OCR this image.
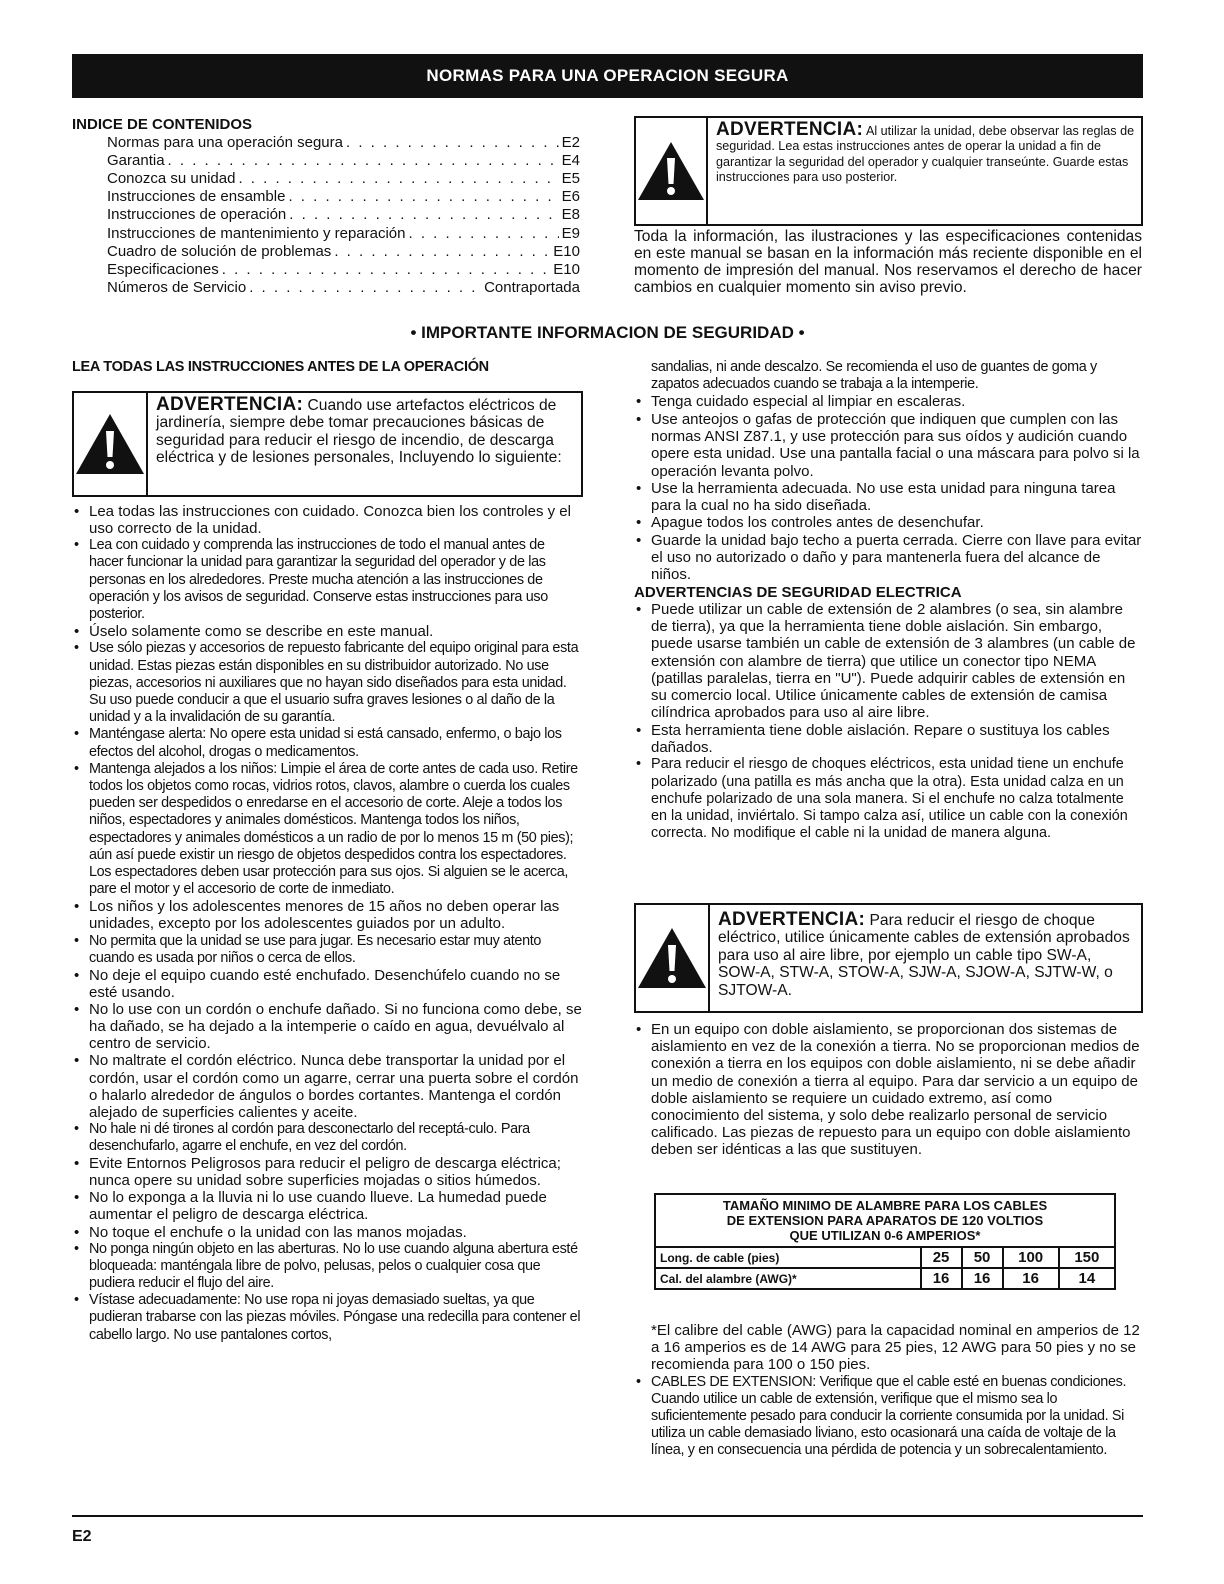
NORMAS PARA UNA OPERACION SEGURA
INDICE DE CONTENIDOS
Normas para una operación segura . . .	E2
Garantia . . .	E4
Conozca su unidad . . .	E5
Instrucciones de ensamble . . .	E6
Instrucciones de operación . . .	E8
Instrucciones de mantenimiento y reparación . . .	E9
Cuadro de solución de problemas . . .	E10
Especificaciones . . .	E10
Números de Servicio . . .	Contraportada
ADVERTENCIA: Al utilizar la unidad, debe observar las reglas de seguridad. Lea estas instrucciones antes de operar la unidad a fin de garantizar la seguridad del operador y cualquier transeúnte. Guarde estas instrucciones para uso posterior.
Toda la información, las ilustraciones y las especificaciones contenidas en este manual se basan en la información más reciente disponible en el momento de impresión del manual. Nos reservamos el derecho de hacer cambios en cualquier momento sin aviso previo.
• IMPORTANTE INFORMACION DE SEGURIDAD •
LEA TODAS LAS INSTRUCCIONES ANTES DE LA OPERACIÓN
ADVERTENCIA: Cuando use artefactos eléctricos de jardinería, siempre debe tomar precauciones básicas de seguridad para reducir el riesgo de incendio, de descarga eléctrica y de lesiones personales, Incluyendo lo siguiente:
• Lea todas las instrucciones con cuidado. Conozca bien los controles y el uso correcto de la unidad.
• Lea con cuidado y comprenda las instrucciones de todo el manual antes de hacer funcionar la unidad para garantizar la seguridad del operador y de las personas en los alrededores. Preste mucha atención a las instrucciones de operación y los avisos de seguridad. Conserve estas instrucciones para uso posterior.
• Úselo solamente como se describe en este manual.
• Use sólo piezas y accesorios de repuesto fabricante del equipo original para esta unidad. Estas piezas están disponibles en su distribuidor autorizado. No use piezas, accesorios ni auxiliares que no hayan sido diseñados para esta unidad. Su uso puede conducir a que el usuario sufra graves lesiones o al daño de la unidad y a la invalidación de su garantía.
• Manténgase alerta: No opere esta unidad si está cansado, enfermo, o bajo los efectos del alcohol, drogas o medicamentos.
• Mantenga alejados a los niños: Limpie el área de corte antes de cada uso. Retire todos los objetos como rocas, vidrios rotos, clavos, alambre o cuerda los cuales pueden ser despedidos o enredarse en el accesorio de corte. Aleje a todos los niños, espectadores y animales domésticos. Mantenga todos los niños, espectadores y animales domésticos a un radio de por lo menos 15 m (50 pies); aún así puede existir un riesgo de objetos despedidos contra los espectadores. Los espectadores deben usar protección para sus ojos. Si alguien se le acerca, pare el motor y el accesorio de corte de inmediato.
• Los niños y los adolescentes menores de 15 años no deben operar las unidades, excepto por los adolescentes guiados por un adulto.
• No permita que la unidad se use para jugar. Es necesario estar muy atento cuando es usada por niños o cerca de ellos.
• No deje el equipo cuando esté enchufado. Desenchúfelo cuando no se esté usando.
• No lo use con un cordón o enchufe dañado. Si no funciona como debe, se ha dañado, se ha dejado a la intemperie o caído en agua, devuélvalo al centro de servicio.
• No maltrate el cordón eléctrico. Nunca debe transportar la unidad por el cordón, usar el cordón como un agarre, cerrar una puerta sobre el cordón o halarlo alrededor de ángulos o bordes cortantes. Mantenga el cordón alejado de superficies calientes y aceite.
• No hale ni dé tirones al cordón para desconectarlo del receptá-culo. Para desenchufarlo, agarre el enchufe, en vez del cordón.
• Evite Entornos Peligrosos para reducir el peligro de descarga eléctrica; nunca opere su unidad sobre superficies mojadas o sitios húmedos.
• No lo exponga a la lluvia ni lo use cuando llueve. La humedad puede aumentar el peligro de descarga eléctrica.
• No toque el enchufe o la unidad con las manos mojadas.
• No ponga ningún objeto en las aberturas. No lo use cuando alguna abertura esté bloqueada: manténgala libre de polvo, pelusas, pelos o cualquier cosa que pudiera reducir el flujo del aire.
• Vístase adecuadamente: No use ropa ni joyas demasiado sueltas, ya que pudieran trabarse con las piezas móviles. Póngase una redecilla para contener el cabello largo. No use pantalones cortos,
sandalias, ni ande descalzo. Se recomienda el uso de guantes de goma y zapatos adecuados cuando se trabaja a la intemperie.
• Tenga cuidado especial al limpiar en escaleras.
• Use anteojos o gafas de protección que indiquen que cumplen con las normas ANSI Z87.1, y use protección para sus oídos y audición cuando opere esta unidad. Use una pantalla facial o una máscara para polvo si la operación levanta polvo.
• Use la herramienta adecuada. No use esta unidad para ninguna tarea para la cual no ha sido diseñada.
• Apague todos los controles antes de desenchufar.
• Guarde la unidad bajo techo a puerta cerrada. Cierre con llave para evitar el uso no autorizado o daño y para mantenerla fuera del alcance de niños.
ADVERTENCIAS DE SEGURIDAD ELECTRICA
• Puede utilizar un cable de extensión de 2 alambres (o sea, sin alambre de tierra), ya que la herramienta tiene doble aislación. Sin embargo, puede usarse también un cable de extensión de 3 alambres (un cable de extensión con alambre de tierra) que utilice un conector tipo NEMA (patillas paralelas, tierra en "U"). Puede adquirir cables de extensión en su comercio local. Utilice únicamente cables de extensión de camisa cilíndrica aprobados para uso al aire libre.
• Esta herramienta tiene doble aislación. Repare o sustituya los cables dañados.
• Para reducir el riesgo de choques eléctricos, esta unidad tiene un enchufe polarizado (una patilla es más ancha que la otra). Esta unidad calza en un enchufe polarizado de una sola manera. Si el enchufe no calza totalmente en la unidad, inviértalo. Si tampo calza así, utilice un cable con la conexión correcta. No modifique el cable ni la unidad de manera alguna.
ADVERTENCIA: Para reducir el riesgo de choque eléctrico, utilice únicamente cables de extensión aprobados para uso al aire libre, por ejemplo un cable tipo SW-A, SOW-A, STW-A, STOW-A, SJW-A, SJOW-A, SJTW-W, o SJTOW-A.
• En un equipo con doble aislamiento, se proporcionan dos sistemas de aislamiento en vez de la conexión a tierra. No se proporcionan medios de conexión a tierra en los equipos con doble aislamiento, ni se debe añadir un medio de conexión a tierra al equipo. Para dar servicio a un equipo de doble aislamiento se requiere un cuidado extremo, así como conocimiento del sistema, y solo debe realizarlo personal de servicio calificado. Las piezas de repuesto para un equipo con doble aislamiento deben ser idénticas a las que sustituyen.
TAMAÑO MINIMO DE ALAMBRE PARA LOS CABLES
DE EXTENSION PARA APARATOS DE 120 VOLTIOS
QUE UTILIZAN 0-6 AMPERIOS*				

Long. de cable (pies)	25	50	100	150
Cal. del alambre (AWG)*	16	16	16	14
*El calibre del cable (AWG) para la capacidad nominal en amperios de 12 a 16 amperios es de 14 AWG para 25 pies, 12 AWG para 50 pies y no se recomienda para 100 o 150 pies.
• CABLES DE EXTENSION: Verifique que el cable esté en buenas condiciones. Cuando utilice un cable de extensión, verifique que el mismo sea lo suficientemente pesado para conducir la corriente consumida por la unidad. Si utiliza un cable demasiado liviano, esto ocasionará una caída de voltaje de la línea, y en consecuencia una pérdida de potencia y un sobrecalentamiento.
E2
